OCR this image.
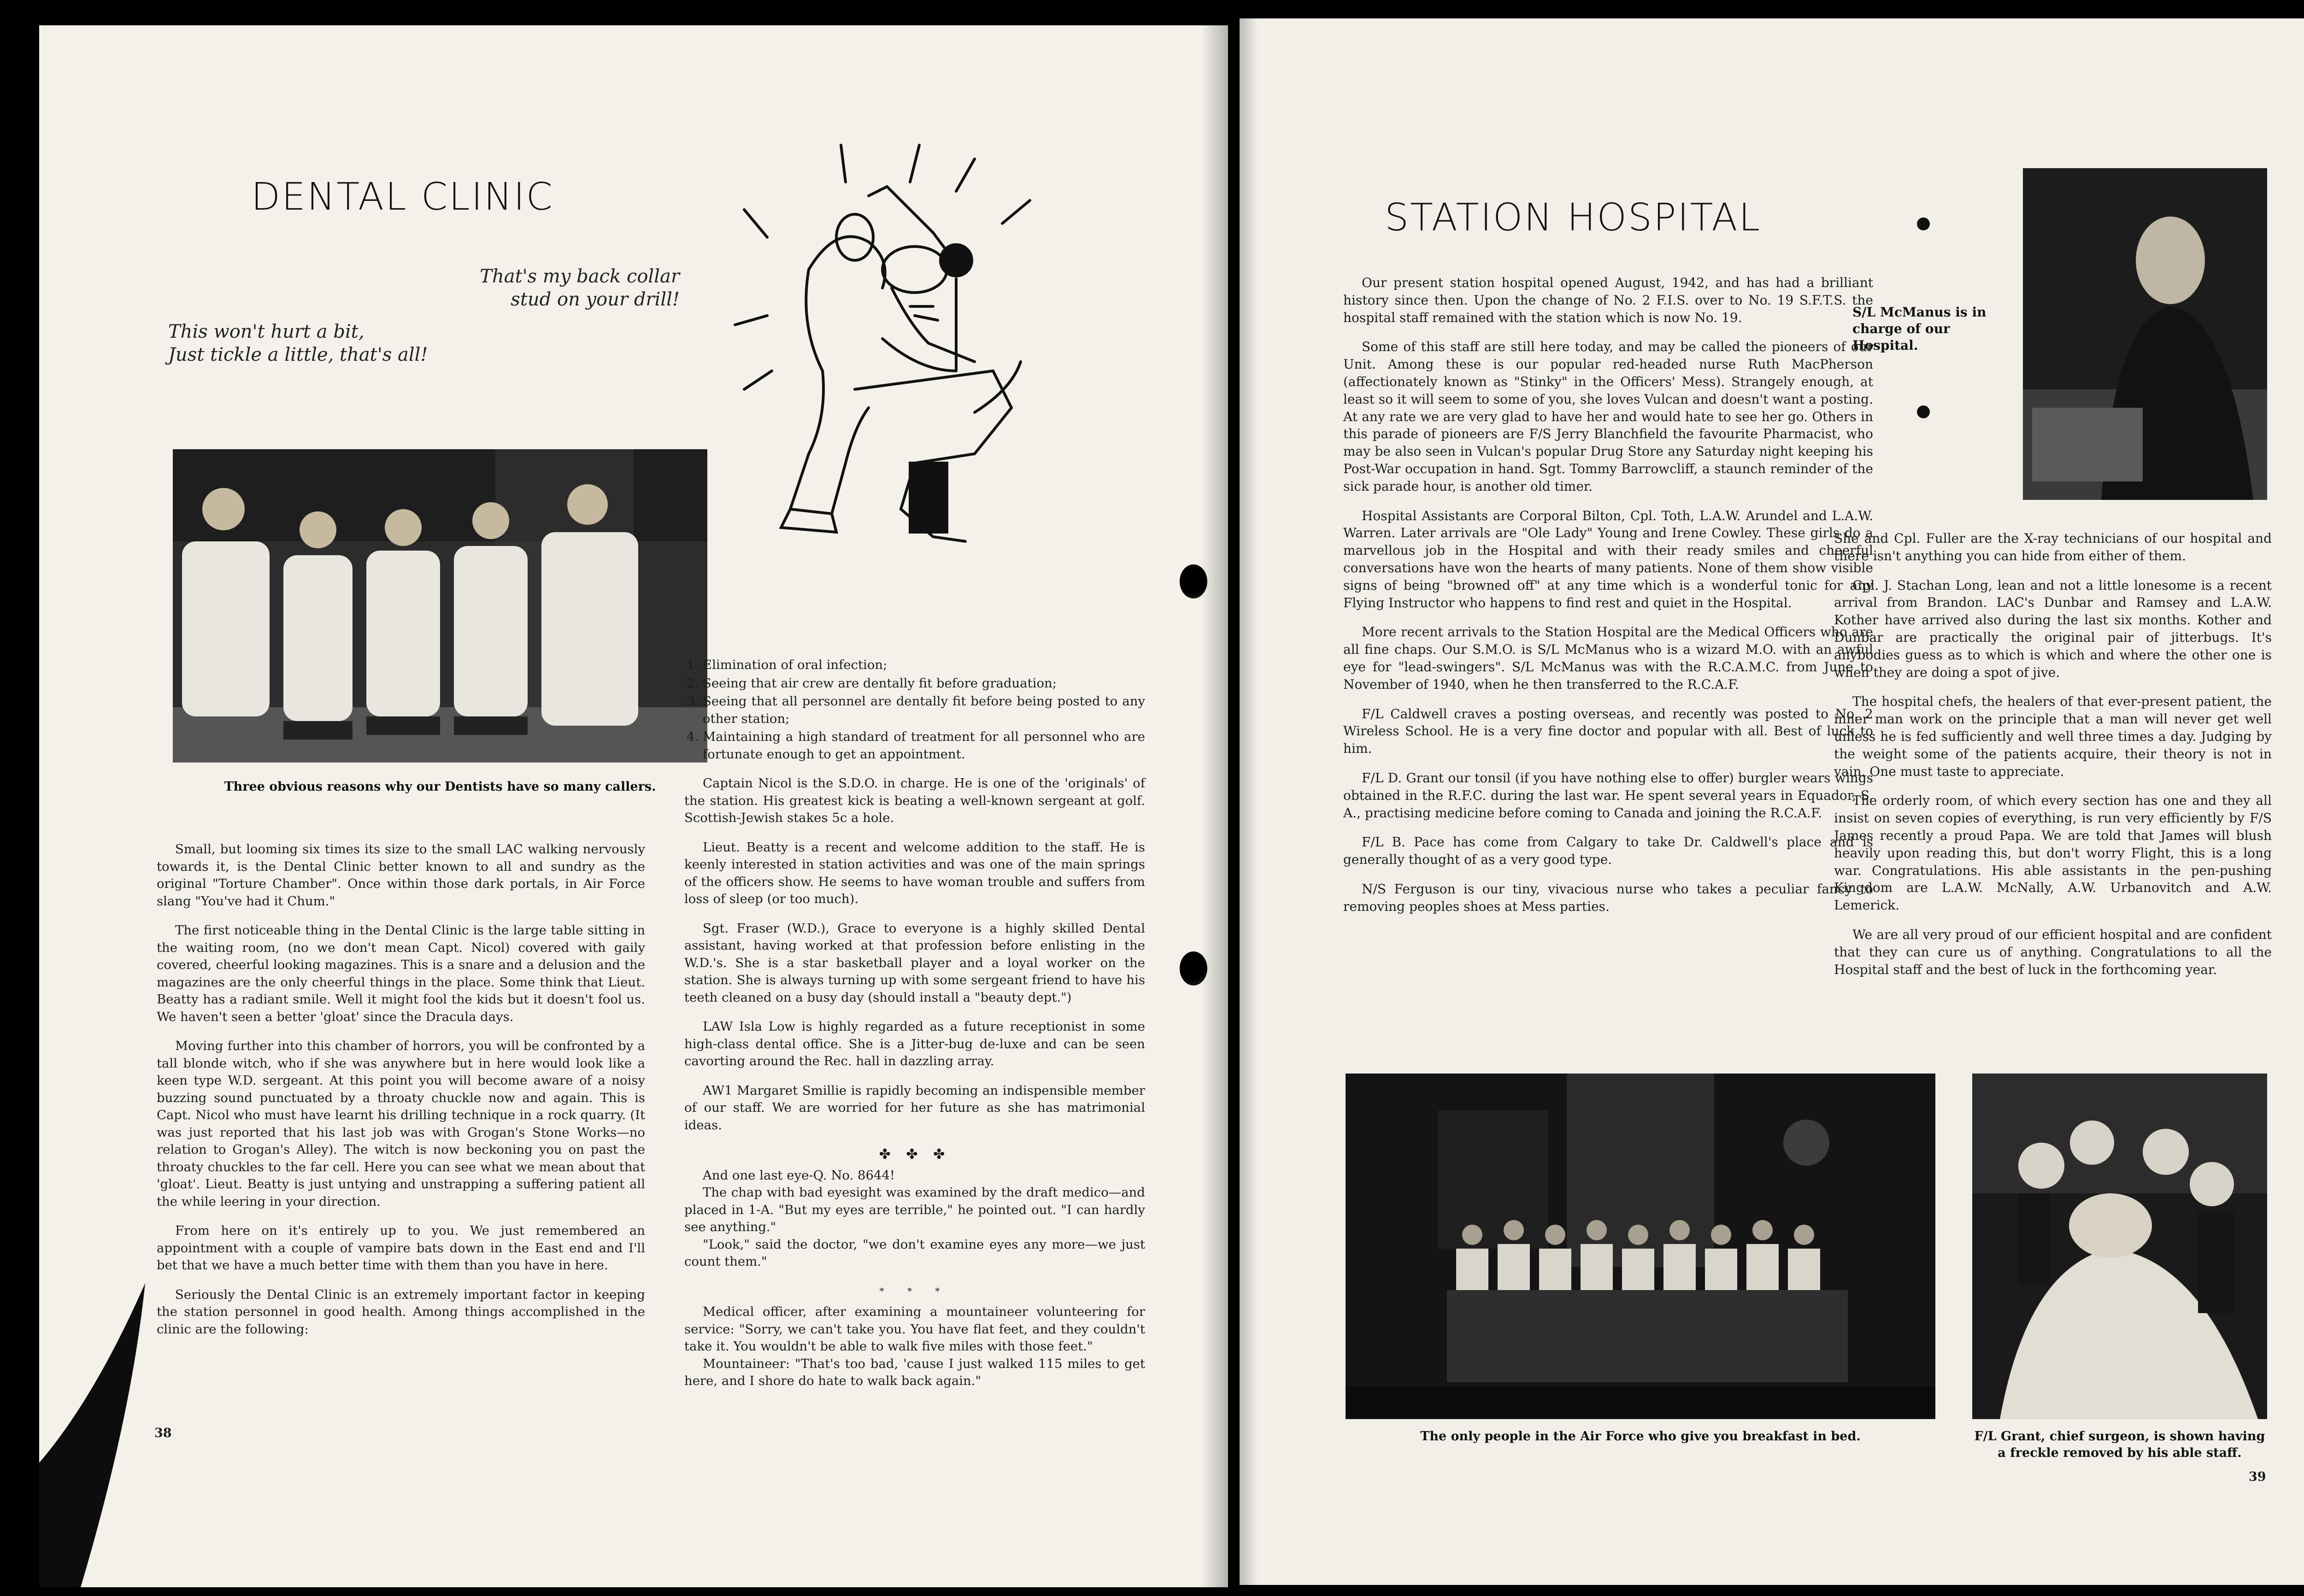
DENTAL CLINIC
That's my back collar
stud on your drill!
This won't hurt a bit,
Just tickle a little, that's all!
Three obvious reasons why our Dentists have so many callers.

Small, but looming six times its size to the small LAC walking nervously towards it, is the Dental Clinic better known to all and sundry as the original "Torture Chamber". Once within those dark portals, in Air Force slang "You've had it Chum."

The first noticeable thing in the Dental Clinic is the large table sitting in the waiting room, (no we don't mean Capt. Nicol) covered with gaily covered, cheerful looking magazines. This is a snare and a delusion and the magazines are the only cheerful things in the place. Some think that Lieut. Beatty has a radiant smile. Well it might fool the kids but it doesn't fool us. We haven't seen a better 'gloat' since the Dracula days.

Moving further into this chamber of horrors, you will be confronted by a tall blonde witch, who if she was anywhere but in here would look like a keen type W.D. sergeant. At this point you will become aware of a noisy buzzing sound punctuated by a throaty chuckle now and again. This is Capt. Nicol who must have learnt his drilling technique in a rock quarry. (It was just reported that his last job was with Grogan's Stone Works—no relation to Grogan's Alley). The witch is now beckoning you on past the throaty chuckles to the far cell. Here you can see what we mean about that 'gloat'. Lieut. Beatty is just untying and unstrapping a suffering patient all the while leering in your direction.

From here on it's entirely up to you. We just remembered an appointment with a couple of vampire bats down in the East end and I'll bet that we have a much better time with them than you have in here.

Seriously the Dental Clinic is an extremely important factor in keeping the station personnel in good health. Among things accomplished in the clinic are the following:

1. Elimination of oral infection;
2. Seeing that air crew are dentally fit before graduation;
3. Seeing that all personnel are dentally fit before being posted to any other station;
4. Maintaining a high standard of treatment for all personnel who are fortunate enough to get an appointment.

Captain Nicol is the S.D.O. in charge. He is one of the 'originals' of the station. His greatest kick is beating a well-known sergeant at golf. Scottish-Jewish stakes 5c a hole.

Lieut. Beatty is a recent and welcome addition to the staff. He is keenly interested in station activities and was one of the main springs of the officers show. He seems to have woman trouble and suffers from loss of sleep (or too much).

Sgt. Fraser (W.D.), Grace to everyone is a highly skilled Dental assistant, having worked at that profession before enlisting in the W.D.'s. She is a star basketball player and a loyal worker on the station. She is always turning up with some sergeant friend to have his teeth cleaned on a busy day (should install a "beauty dept.")

LAW Isla Low is highly regarded as a future receptionist in some high-class dental office. She is a Jitter-bug de-luxe and can be seen cavorting around the Rec. hall in dazzling array.

AW1 Margaret Smillie is rapidly becoming an indispensible member of our staff. We are worried for her future as she has matrimonial ideas.

✤ ✤ ✤

And one last eye-Q. No. 8644!

The chap with bad eyesight was examined by the draft medico—and placed in 1-A. "But my eyes are terrible," he pointed out. "I can hardly see anything."

"Look," said the doctor, "we don't examine eyes any more—we just count them."

* * *

Medical officer, after examining a mountaineer volunteering for service: "Sorry, we can't take you. You have flat feet, and they couldn't take it. You wouldn't be able to walk five miles with those feet."

Mountaineer: "That's too bad, 'cause I just walked 115 miles to get here, and I shore do hate to walk back again."

38
STATION HOSPITAL
S/L McManus is in charge of our Hospital.

Our present station hospital opened August, 1942, and has had a brilliant history since then. Upon the change of No. 2 F.I.S. over to No. 19 S.F.T.S. the hospital staff remained with the station which is now No. 19.

Some of this staff are still here today, and may be called the pioneers of our Unit. Among these is our popular red-headed nurse Ruth MacPherson (affectionately known as "Stinky" in the Officers' Mess). Strangely enough, at least so it will seem to some of you, she loves Vulcan and doesn't want a posting. At any rate we are very glad to have her and would hate to see her go. Others in this parade of pioneers are F/S Jerry Blanchfield the favourite Pharmacist, who may be also seen in Vulcan's popular Drug Store any Saturday night keeping his Post-War occupation in hand. Sgt. Tommy Barrowcliff, a staunch reminder of the sick parade hour, is another old timer.

Hospital Assistants are Corporal Bilton, Cpl. Toth, L.A.W. Arundel and L.A.W. Warren. Later arrivals are "Ole Lady" Young and Irene Cowley. These girls do a marvellous job in the Hospital and with their ready smiles and cheerful conversations have won the hearts of many patients. None of them show visible signs of being "browned off" at any time which is a wonderful tonic for any Flying Instructor who happens to find rest and quiet in the Hospital.

More recent arrivals to the Station Hospital are the Medical Officers who are all fine chaps. Our S.M.O. is S/L McManus who is a wizard M.O. with an awful eye for "lead-swingers". S/L McManus was with the R.C.A.M.C. from June to November of 1940, when he then transferred to the R.C.A.F.

F/L Caldwell craves a posting overseas, and recently was posted to No. 2 Wireless School. He is a very fine doctor and popular with all. Best of luck to him.

F/L D. Grant our tonsil (if you have nothing else to offer) burgler wears wings obtained in the R.F.C. during the last war. He spent several years in Equador, S. A., practising medicine before coming to Canada and joining the R.C.A.F.

F/L B. Pace has come from Calgary to take Dr. Caldwell's place and is generally thought of as a very good type.

N/S Ferguson is our tiny, vivacious nurse who takes a peculiar fancy to removing peoples shoes at Mess parties.

She and Cpl. Fuller are the X-ray technicians of our hospital and there isn't anything you can hide from either of them.

Cpl. J. Stachan Long, lean and not a little lonesome is a recent arrival from Brandon. LAC's Dunbar and Ramsey and L.A.W. Kother have arrived also during the last six months. Kother and Dunbar are practically the original pair of jitterbugs. It's anybodies guess as to which is which and where the other one is when they are doing a spot of jive.

The hospital chefs, the healers of that ever-present patient, the inner man work on the principle that a man will never get well unless he is fed sufficiently and well three times a day. Judging by the weight some of the patients acquire, their theory is not in vain. One must taste to appreciate.

The orderly room, of which every section has one and they all insist on seven copies of everything, is run very efficiently by F/S James recently a proud Papa. We are told that James will blush heavily upon reading this, but don't worry Flight, this is a long war. Congratulations. His able assistants in the pen-pushing Kingdom are L.A.W. McNally, A.W. Urbanovitch and A.W. Lemerick.

We are all very proud of our efficient hospital and are confident that they can cure us of anything. Congratulations to all the Hospital staff and the best of luck in the forthcoming year.

The only people in the Air Force who give you breakfast in bed.	F/L Grant, chief surgeon, is shown having a freckle removed by his able staff.
39
